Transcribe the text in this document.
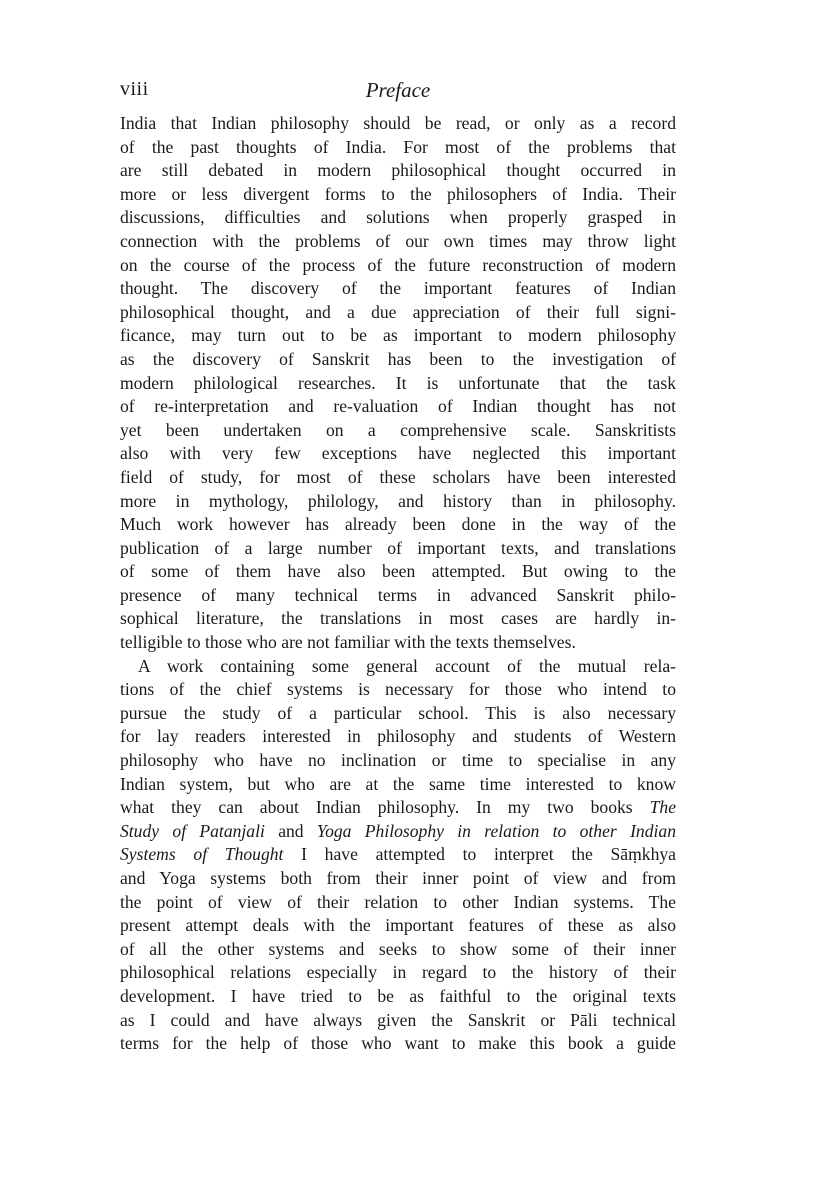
viii	Preface
India that Indian philosophy should be read, or only as a record
of the past thoughts of India. For most of the problems that
are still debated in modern philosophical thought occurred in
more or less divergent forms to the philosophers of India. Their
discussions, difficulties and solutions when properly grasped in
connection with the problems of our own times may throw light
on the course of the process of the future reconstruction of modern
thought. The discovery of the important features of Indian
philosophical thought, and a due appreciation of their full signi-
ficance, may turn out to be as important to modern philosophy
as the discovery of Sanskrit has been to the investigation of
modern philological researches. It is unfortunate that the task
of re-interpretation and re-valuation of Indian thought has not
yet been undertaken on a comprehensive scale. Sanskritists
also with very few exceptions have neglected this important
field of study, for most of these scholars have been interested
more in mythology, philology, and history than in philosophy.
Much work however has already been done in the way of the
publication of a large number of important texts, and translations
of some of them have also been attempted. But owing to the
presence of many technical terms in advanced Sanskrit philo-
sophical literature, the translations in most cases are hardly in-
telligible to those who are not familiar with the texts themselves.
A work containing some general account of the mutual rela-
tions of the chief systems is necessary for those who intend to
pursue the study of a particular school. This is also necessary
for lay readers interested in philosophy and students of Western
philosophy who have no inclination or time to specialise in any
Indian system, but who are at the same time interested to know
what they can about Indian philosophy. In my two books The
Study of Patanjali and Yoga Philosophy in relation to other Indian
Systems of Thought I have attempted to interpret the Sāṃkhya
and Yoga systems both from their inner point of view and from
the point of view of their relation to other Indian systems. The
present attempt deals with the important features of these as also
of all the other systems and seeks to show some of their inner
philosophical relations especially in regard to the history of their
development. I have tried to be as faithful to the original texts
as I could and have always given the Sanskrit or Pāli technical
terms for the help of those who want to make this book a guide
